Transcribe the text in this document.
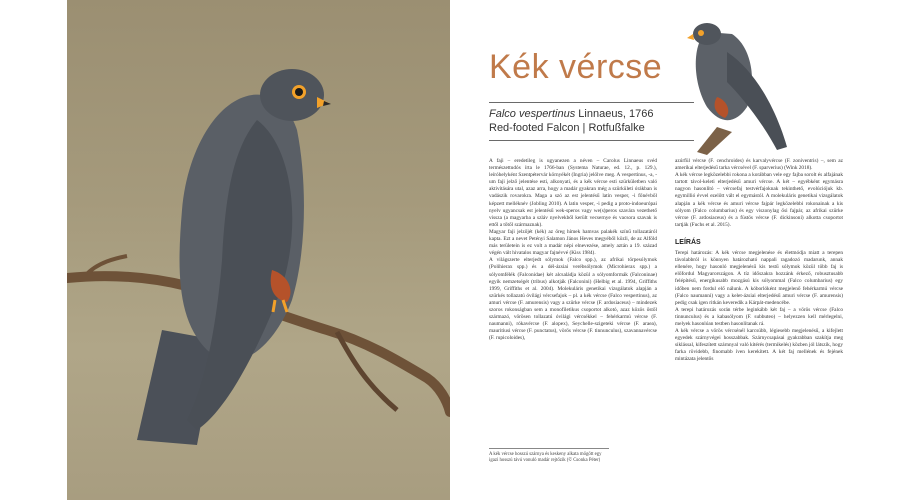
Kék vércse
Falco vespertinus Linnaeus, 1766
Red-footed Falcon | Rotfußfalke

A faji – eredetileg is ugyanezen a néven – Carolus Linnaeus svéd természettudós írta le 1766-ban (Systema Naturae, ed. 12., p. 129.), leíróhelyként Szentpétervár környékét (Ingria) jelölve meg. A vespertinus, -a, -um faji jelző jelentése esti, alkonyati, és a kék vércse esti szürkületben való aktivitására utal, azaz arra, hogy a madár gyakran még a szürkületi órákban is vadászik rovarokra. Maga a szó az est jelentésű latin vesper, -i főnévből képzett melléknév (Jobling 2010). A latin vesper, -i pedig a proto-indoeurópai nyelv ugyancsak est jelentésű wek-speros vagy we(s)peros szavára vezethető vissza (a magyarba a szláv nyelvekből került vecsernye és vacsora szavak is ettől a tőtől származnak).

Magyar faji jelzőjét (kék) az öreg hímek hamvas palakék színű tollazatáról kapta. Ezt a nevet Petényi Salamon János Heves megyéből közli, de az Alföld más területein is ez volt a madár népi elnevezése, amely aztán a 19. század végén vált hivatalos magyar fajnévvé (Kiss 1984).

A világszerte elterjedt sólymok (Falco spp.), az afrikai törpesólymok (Polihierax spp.) és a dél-ázsiai verébsólymok (Microhierax spp.) a sólyomfélék (Falconidae) két alcsaládja közül a sólyomformák (Falconinae) egyik nemzetségét (tribus) alkotják (Falconini) (Helbig et al. 1994, Griffiths 1999, Griffiths et al. 2004). Molekuláris genetikai vizsgálatok alapján a szürkés tollazatú óvilági vércsefajok – pl. a kék vércse (Falco vespertinus), az amuri vércse (F. amurensis) vagy a szürke vércse (F. ardosiaceus) – mindezek szoros rokonságban sem a monofiletikus csoportot alkotó, azaz közös őstől származó, vörösen tollazatú óvilági vércsékkel – fehérkarmú vércse (F. naumanni), rókavércse (F. alopex), Seychelle-szigeteki vércse (F. araea), mauritiusi vércse (F. punctatus), vörös vércse (F. tinnunculus), szavannavércse (F. rupicoloides),

azúrfül vércse (F. cenchroides) és karvalyvércse (F. zoniventris) –, sem az amerikai elterjedésű tarka vércsével (F. sparverius) (Wink 2018).

A kék vércse legközelebbi rokona a korábban vele egy fajba sorolt és alfajának tartott távol-keleti elterjedésű amuri vércse. A két – egyébként egymásra nagyon hasonlító – vércsefaj testvérfajoknak tekinthető, evolúciójuk kb. egymillió évvel ezelőtt vált el egymástól. A molekuláris genetikai vizsgálatok alapján a kék vércse és amuri vércse fajpár legközelebbi rokonainak a kis sólyom (Falco columbarius) és egy viszonylag ősi fajpár, az afrikai szürke vércse (F. ardosiaceus) és a füstös vércse (F. dickinsoni) alkotta csoportot tartják (Fuchs et al. 2015).

LEÍRÁS

Terepi határozás: A kék vércse megjelenése és életmódja miatt a terepen távolabbról is könnyen határozható nappali ragadozó madarunk, annak ellenére, hogy hasonló megjelenésű kis testű sólymok közül több faj is előfordul Magyarországon. A tíz időszakra hozzánk érkező, robusztusabb felépítésű, energikusabb mozgású kis sólyommal (Falco columbarius) egy időben nem fordul elő nálunk. A kóborlóként megjelenő fehérkarmú vércse (Falco naumanni) vagy a kelet-ázsiai elterjedésű amuri vércse (F. amurensis) pedig csak igen ritkán keveredik a Kárpát-medencébe.

A terepi határozás során térbe leginkább két faj – a vörös vércse (Falco tinnunculus) és a kabasólyom (F. subbuteo) – helyezzen kell mérlegelni, melyek hasonlóan testben hasonlítanak rá.

A kék vércse a vörös vércsénél karcsúbb, légiesebb megjelenésű, a kifejlett egyedek szárnyvégei hosszabbak. Szárnycsapásai gyakrabban szakítja meg siklással, kifeszített szárnnyal való kitérés (termikelés) közben jól látszik, hogy farka rövidebb, finomabb íven kerekített. A két faj mellének és fejének mintázata jelentős

A kék vércse hosszú szárnya és keskeny alkata mögött egy igazi hosszú távú vonuló madár rejtőzik (© Csonka Péter)
